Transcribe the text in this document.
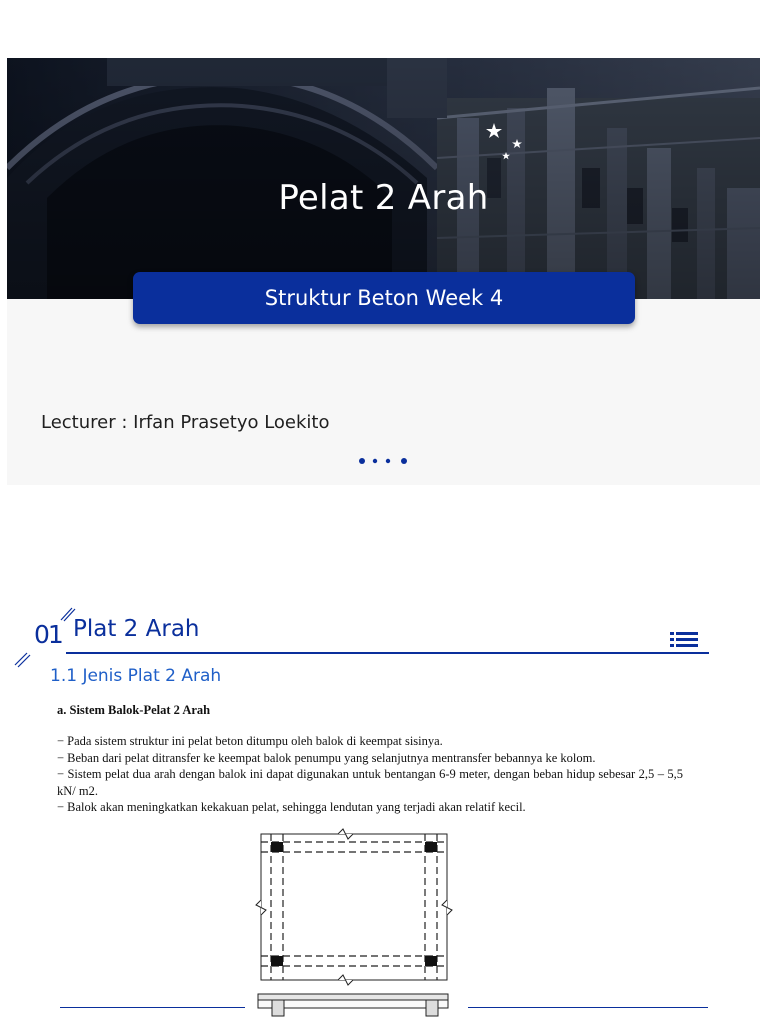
Pelat 2 Arah
Struktur Beton Week 4
Lecturer : Irfan Prasetyo Loekito
01 Plat 2 Arah
1.1 Jenis Plat 2 Arah
a. Sistem Balok-Pelat 2 Arah

− Pada sistem struktur ini pelat beton ditumpu oleh balok di keempat sisinya.

− Beban dari pelat ditransfer ke keempat balok penumpu yang selanjutnya mentransfer bebannya ke kolom.

− Sistem pelat dua arah dengan balok ini dapat digunakan untuk bentangan 6-9 meter, dengan beban hidup sebesar 2,5 – 5,5 kN/ m2.

− Balok akan meningkatkan kekakuan pelat, sehingga lendutan yang terjadi akan relatif kecil.
